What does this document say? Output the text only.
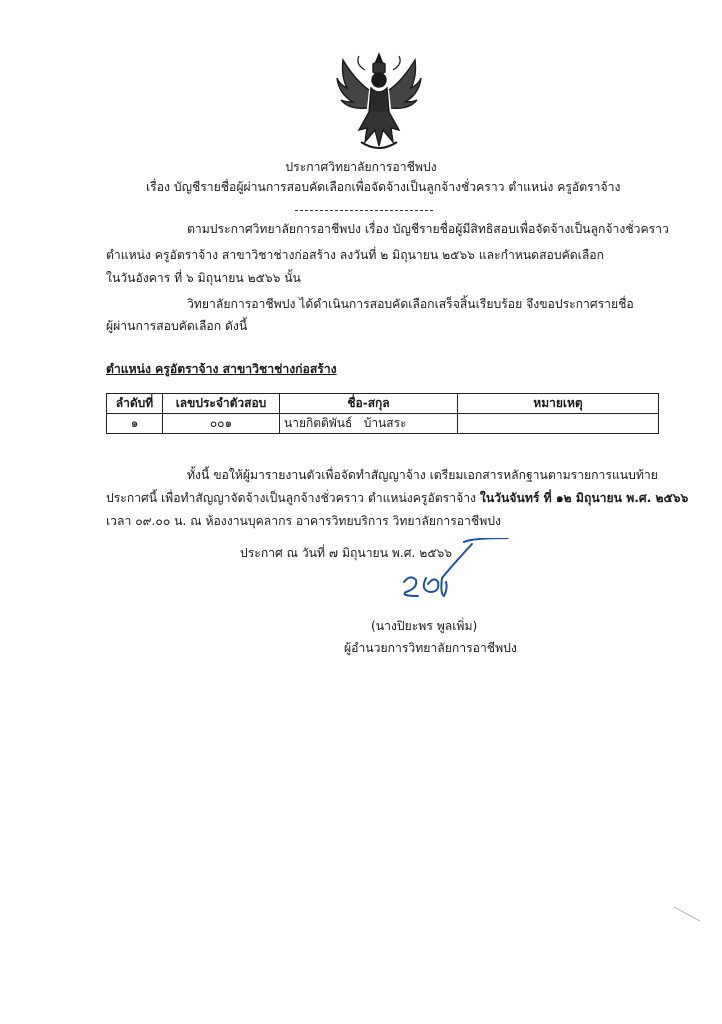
ประกาศวิทยาลัยการอาชีพปง
เรื่อง บัญชีรายชื่อผู้ผ่านการสอบคัดเลือกเพื่อจัดจ้างเป็นลูกจ้างชั่วคราว ตำแหน่ง ครูอัตราจ้าง
ตามประกาศวิทยาลัยการอาชีพปง เรื่อง บัญชีรายชื่อผู้มีสิทธิสอบเพื่อจัดจ้างเป็นลูกจ้างชั่วคราว
ตำแหน่ง ครูอัตราจ้าง สาขาวิชาช่างก่อสร้าง ลงวันที่ ๒ มิถุนายน ๒๕๖๖ และกำหนดสอบคัดเลือก
ในวันอังคาร ที่ ๖ มิถุนายน ๒๕๖๖ นั้น
วิทยาลัยการอาชีพปง ได้ดำเนินการสอบคัดเลือกเสร็จสิ้นเรียบร้อย จึงขอประกาศรายชื่อ
ผู้ผ่านการสอบคัดเลือก ดังนี้
ตำแหน่ง ครูอัตราจ้าง สาขาวิชาช่างก่อสร้าง
ลำดับที่	เลขประจำตัวสอบ	ชื่อ-สกุล	หมายเหตุ
๑	๐๐๑	นายกิตติพันธ์   บ้านสระ	
ทั้งนี้ ขอให้ผู้มารายงานตัวเพื่อจัดทำสัญญาจ้าง เตรียมเอกสารหลักฐานตามรายการแนบท้าย
ประกาศนี้ เพื่อทำสัญญาจัดจ้างเป็นลูกจ้างชั่วคราว ตำแหน่งครูอัตราจ้าง ในวันจันทร์ ที่ ๑๒ มิถุนายน พ.ศ. ๒๕๖๖
เวลา ๐๙.๐๐ น. ณ ห้องงานบุคลากร อาคารวิทยบริการ วิทยาลัยการอาชีพปง
ประกาศ ณ วันที่ ๗ มิถุนายน พ.ศ. ๒๕๖๖
(นางปิยะพร พูลเพิ่ม)
ผู้อำนวยการวิทยาลัยการอาชีพปง
